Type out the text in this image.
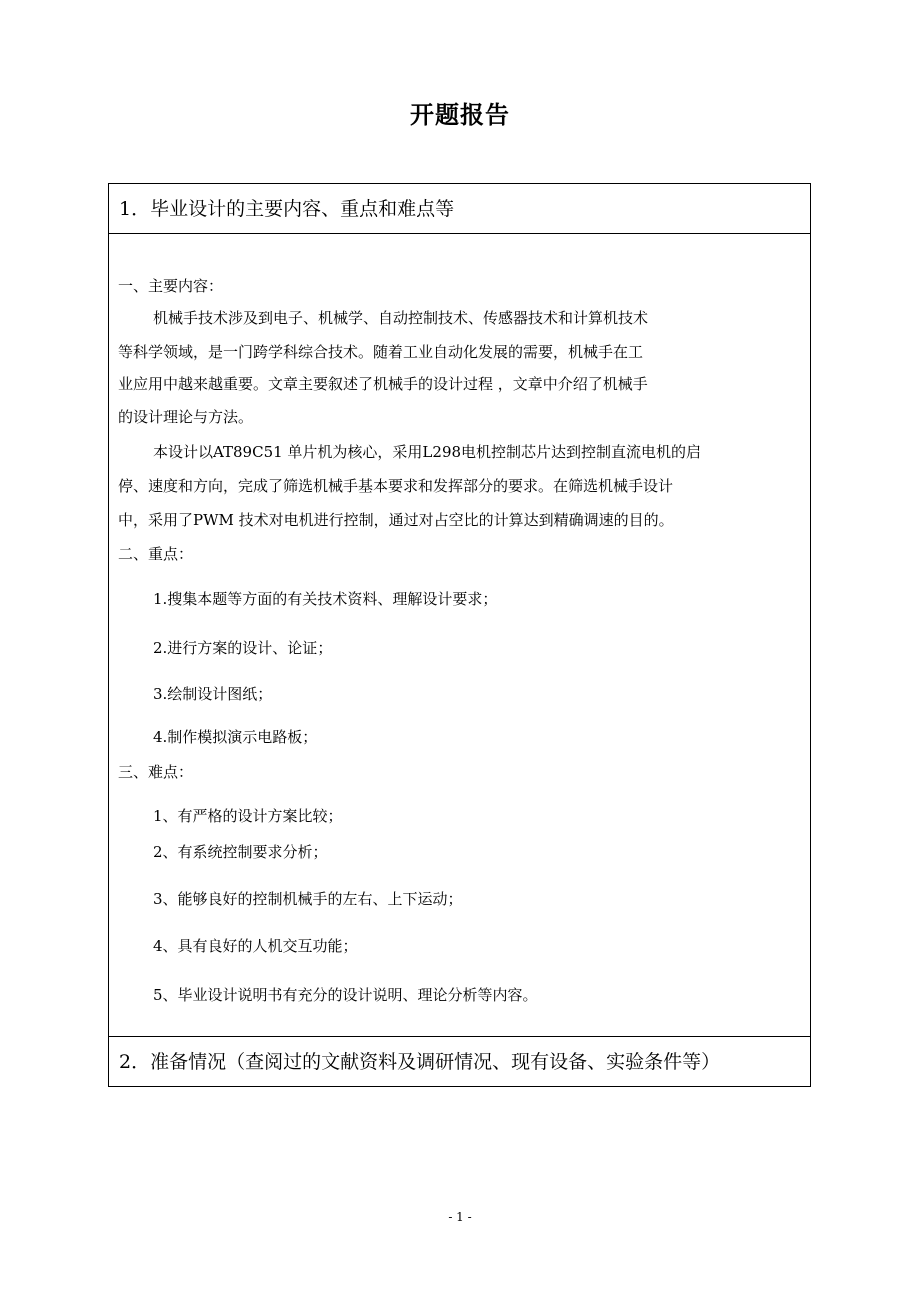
开题报告
1．毕业设计的主要内容、重点和难点等
一、主要内容：
机械手技术涉及到电子、机械学、自动控制技术、传感器技术和计算机技术
等科学领域，是一门跨学科综合技术。随着工业自动化发展的需要，机械手在工
业应用中越来越重要。文章主要叙述了机械手的设计过程 ，文章中介绍了机械手
的设计理论与方法。
本设计以AT89C51 单片机为核心，采用L298电机控制芯片达到控制直流电机的启
停、速度和方向，完成了筛选机械手基本要求和发挥部分的要求。在筛选机械手设计
中，采用了PWM 技术对电机进行控制，通过对占空比的计算达到精确调速的目的。
二、重点：
1.搜集本题等方面的有关技术资料、理解设计要求；
2.进行方案的设计、论证；
3.绘制设计图纸；
4.制作模拟演示电路板；
三、难点：
1、有严格的设计方案比较；
2、有系统控制要求分析；
3、能够良好的控制机械手的左右、上下运动；
4、具有良好的人机交互功能；
5、毕业设计说明书有充分的设计说明、理论分析等内容。
2．准备情况（查阅过的文献资料及调研情况、现有设备、实验条件等）
- 1 -
